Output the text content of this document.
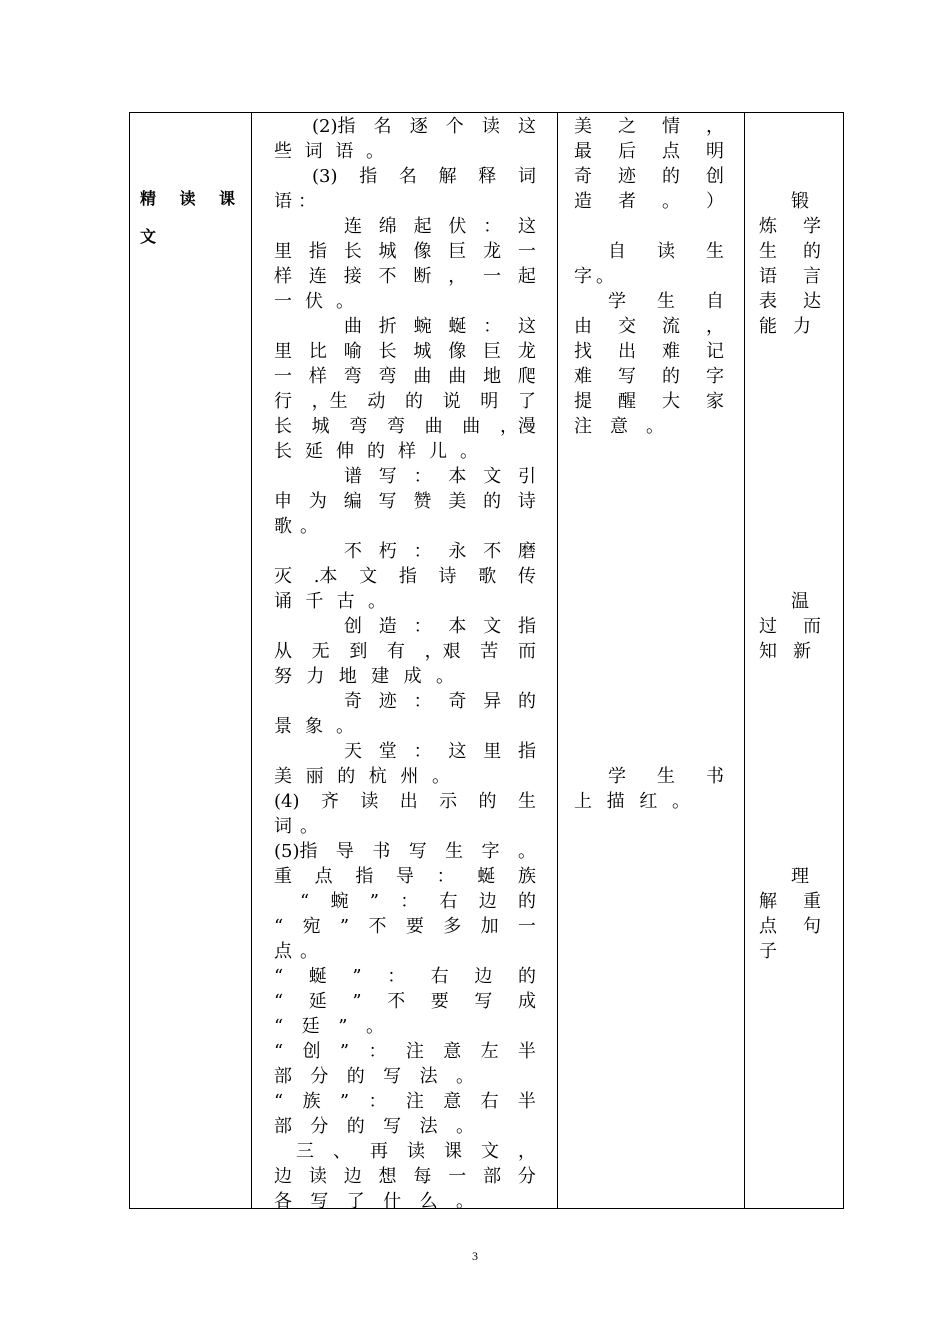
精 读 课
文

(2)指 名 逐 个 读 这
些 词 语 。
(3) 指 名 解 释 词
语 ：
连 绵 起 伏 ： 这
里 指 长 城 像 巨 龙 一
样 连 接 不 断 ， 一 起
一 伏 。
曲 折 蜿 蜒 ： 这
里 比 喻 长 城 像 巨 龙
一 样 弯 弯 曲 曲 地 爬
行 ，生 动 的 说 明 了
长 城 弯 弯 曲 曲 ，漫
长 延 伸 的 样 儿 。
谱 写 ： 本 文 引
申 为 编 写 赞 美 的 诗
歌 。
不 朽 ： 永 不 磨
灭 .本 文 指 诗 歌 传
诵 千 古 。
创 造 ： 本 文 指
从 无 到 有 ，艰 苦 而
努 力 地 建 成 。
奇 迹 ： 奇 异 的
景 象 。
天 堂 ： 这 里 指
美 丽 的 杭 州 。
(4) 齐 读 出 示 的 生
词 。
(5)指 导 书 写 生 字 。
重 点 指 导 ： 蜒 族
“ 蜿 ” ： 右 边 的
“ 宛 ” 不 要 多 加 一
点 。
“ 蜒 ” ： 右 边 的
“ 延 ” 不 要 写 成
“ 廷 ” 。
“ 创 ” ： 注 意 左 半
部 分 的 写 法 。
“ 族 ” ： 注 意 右 半
部 分 的 写 法 。
三 、 再 读 课 文 ，
边 读 边 想 每 一 部 分
各 写 了 什 么 。

美 之 情 ，
最 后 点 明
奇 迹 的 创
造 者 。 ）
自 读 生
字 。
学 生 自
由 交 流 ，
找 出 难 记
难 写 的 字
提 醒 大 家
注 意 。
学 生 书
上 描 红 。

锻
炼 学
生 的
语 言
表 达
能 力
温
过 而
知 新
理
解 重
点 句
子
3
